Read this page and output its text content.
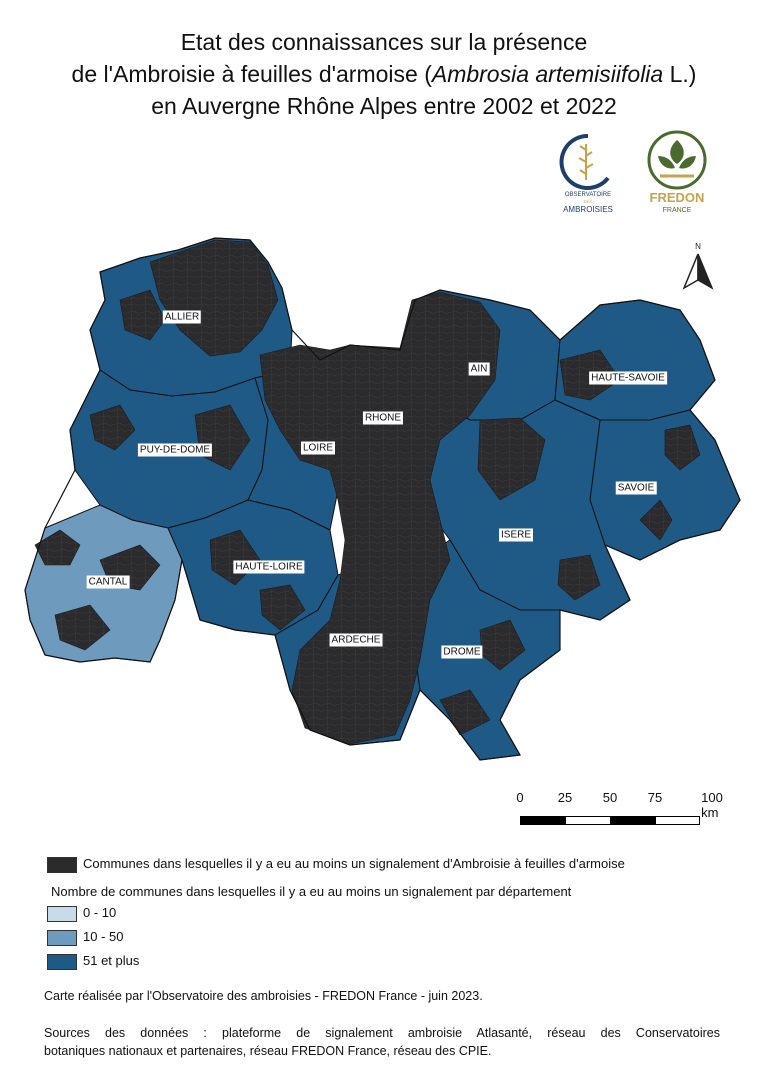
Etat des connaissances sur la présence
de l'Ambroisie à feuilles d'armoise (Ambrosia artemisiifolia L.)
en Auvergne Rhône Alpes entre 2002 et 2022
OBSERVATOIRE
DES
AMBROISIES
FREDON
FRANCE
N
ALLIER
PUY-DE-DOME
CANTAL
HAUTE-LOIRE
LOIRE
RHONE
AIN
HAUTE-SAVOIE
SAVOIE
ISERE
DROME
ARDECHE
0	25 50 75	100 km
Communes dans lesquelles il y a eu au moins un signalement d'Ambroisie à feuilles d'armoise
Nombre de communes dans lesquelles il y a eu au moins un signalement par département
0 - 10
10 - 50
51 et plus
Carte réalisée par l'Observatoire des ambroisies - FREDON France - juin 2023.
Sources des données : plateforme de signalement ambroisie Atlasanté, réseau des Conservatoires
botaniques nationaux et partenaires, réseau FREDON France, réseau des CPIE.
